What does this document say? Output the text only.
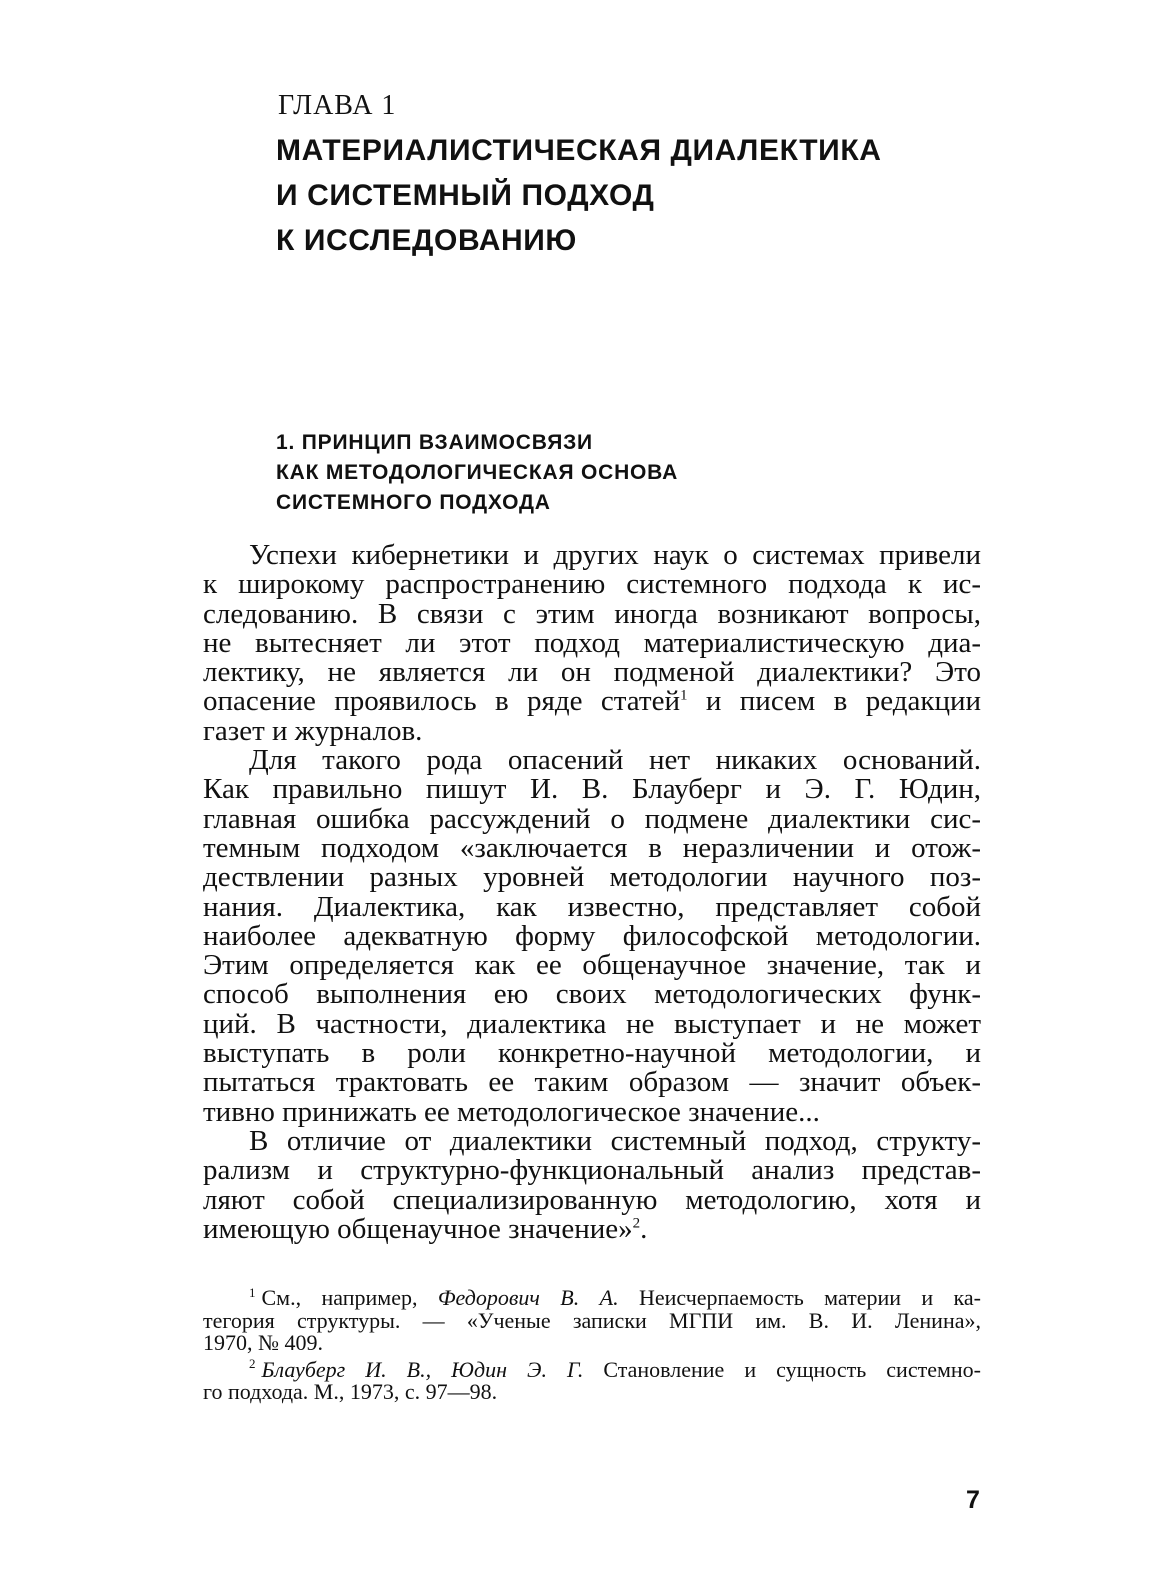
ГЛАВА 1
МАТЕРИАЛИСТИЧЕСКАЯ ДИАЛЕКТИКА
И СИСТЕМНЫЙ ПОДХОД
К ИССЛЕДОВАНИЮ
1. ПРИНЦИП ВЗАИМОСВЯЗИ
КАК МЕТОДОЛОГИЧЕСКАЯ ОСНОВА
СИСТЕМНОГО ПОДХОДА
Успехи кибернетики и других наук о системах привели
к широкому распространению системного подхода к ис-
следованию. В связи с этим иногда возникают вопросы,
не вытесняет ли этот подход материалистическую диа-
лектику, не является ли он подменой диалектики? Это
опасение проявилось в ряде статей$^1$ и писем в редакции
газет и журналов.
Для такого рода опасений нет никаких оснований.
Как правильно пишут И. В. Блауберг и Э. Г. Юдин,
главная ошибка рассуждений о подмене диалектики сис-
темным подходом «заключается в неразличении и отож-
дествлении разных уровней методологии научного поз-
нания. Диалектика, как известно, представляет собой
наиболее адекватную форму философской методологии.
Этим определяется как ее общенаучное значение, так и
способ выполнения ею своих методологических функ-
ций. В частности, диалектика не выступает и не может
выступать в роли конкретно-научной методологии, и
пытаться трактовать ее таким образом — значит объек-
тивно принижать ее методологическое значение...
В отличие от диалектики системный подход, структу-
рализм и структурно-функциональный анализ представ-
ляют собой специализированную методологию, хотя и
имеющую общенаучное значение»$^2$.
$^1$ См., например, Федорович В. А. Неисчерпаемость материи и ка-
тегория структуры. — «Ученые записки МГПИ им. В. И. Ленина»,
1970, № 409.
$^2$ Блауберг И. В., Юдин Э. Г. Становление и сущность системно-
го подхода. М., 1973, с. 97—98.
7
